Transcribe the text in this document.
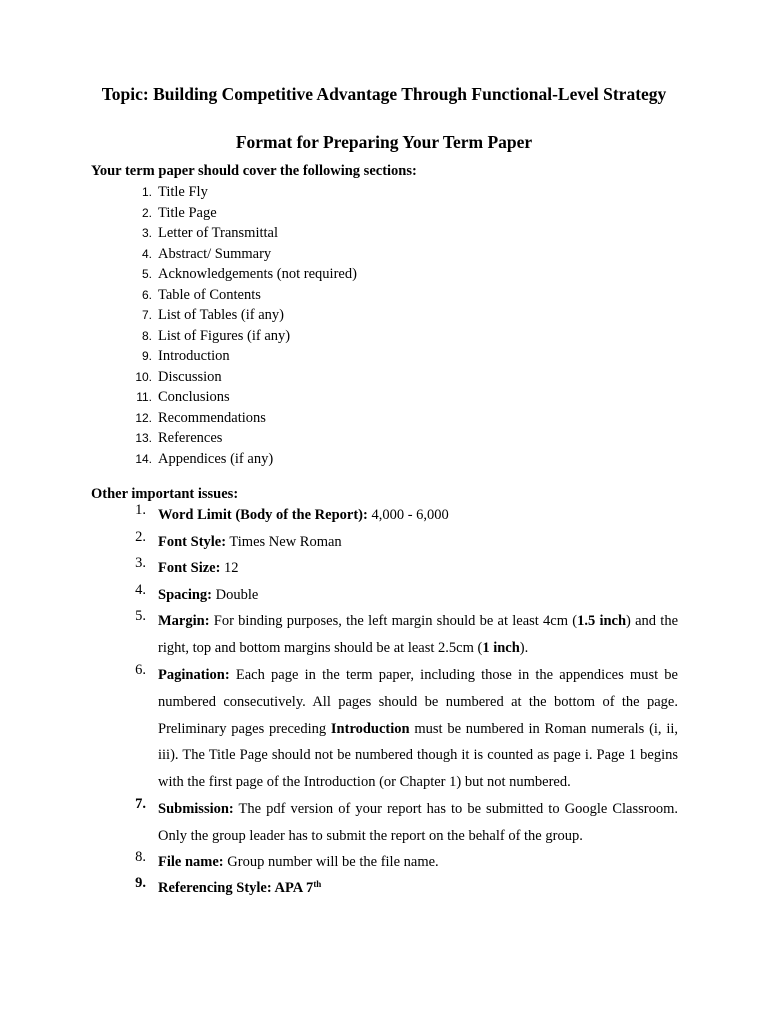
Topic: Building Competitive Advantage Through Functional-Level Strategy
Format for Preparing Your Term Paper

Your term paper should cover the following sections:

1. Title Fly
2. Title Page
3. Letter of Transmittal
4. Abstract/ Summary
5. Acknowledgements (not required)
6. Table of Contents
7. List of Tables (if any)
8. List of Figures (if any)
9. Introduction
10. Discussion
11. Conclusions
12. Recommendations
13. References
14. Appendices (if any)

Other important issues:

1. Word Limit (Body of the Report): 4,000 - 6,000
2. Font Style: Times New Roman
3. Font Size: 12
4. Spacing: Double
5. Margin: For binding purposes, the left margin should be at least 4cm (1.5 inch) and the right, top and bottom margins should be at least 2.5cm (1 inch).
6. Pagination: Each page in the term paper, including those in the appendices must be numbered consecutively. All pages should be numbered at the bottom of the page. Preliminary pages preceding Introduction must be numbered in Roman numerals (i, ii, iii). The Title Page should not be numbered though it is counted as page i. Page 1 begins with the first page of the Introduction (or Chapter 1) but not numbered.
7. Submission: The pdf version of your report has to be submitted to Google Classroom. Only the group leader has to submit the report on the behalf of the group.
8. File name: Group number will be the file name.
9. Referencing Style: APA 7th
